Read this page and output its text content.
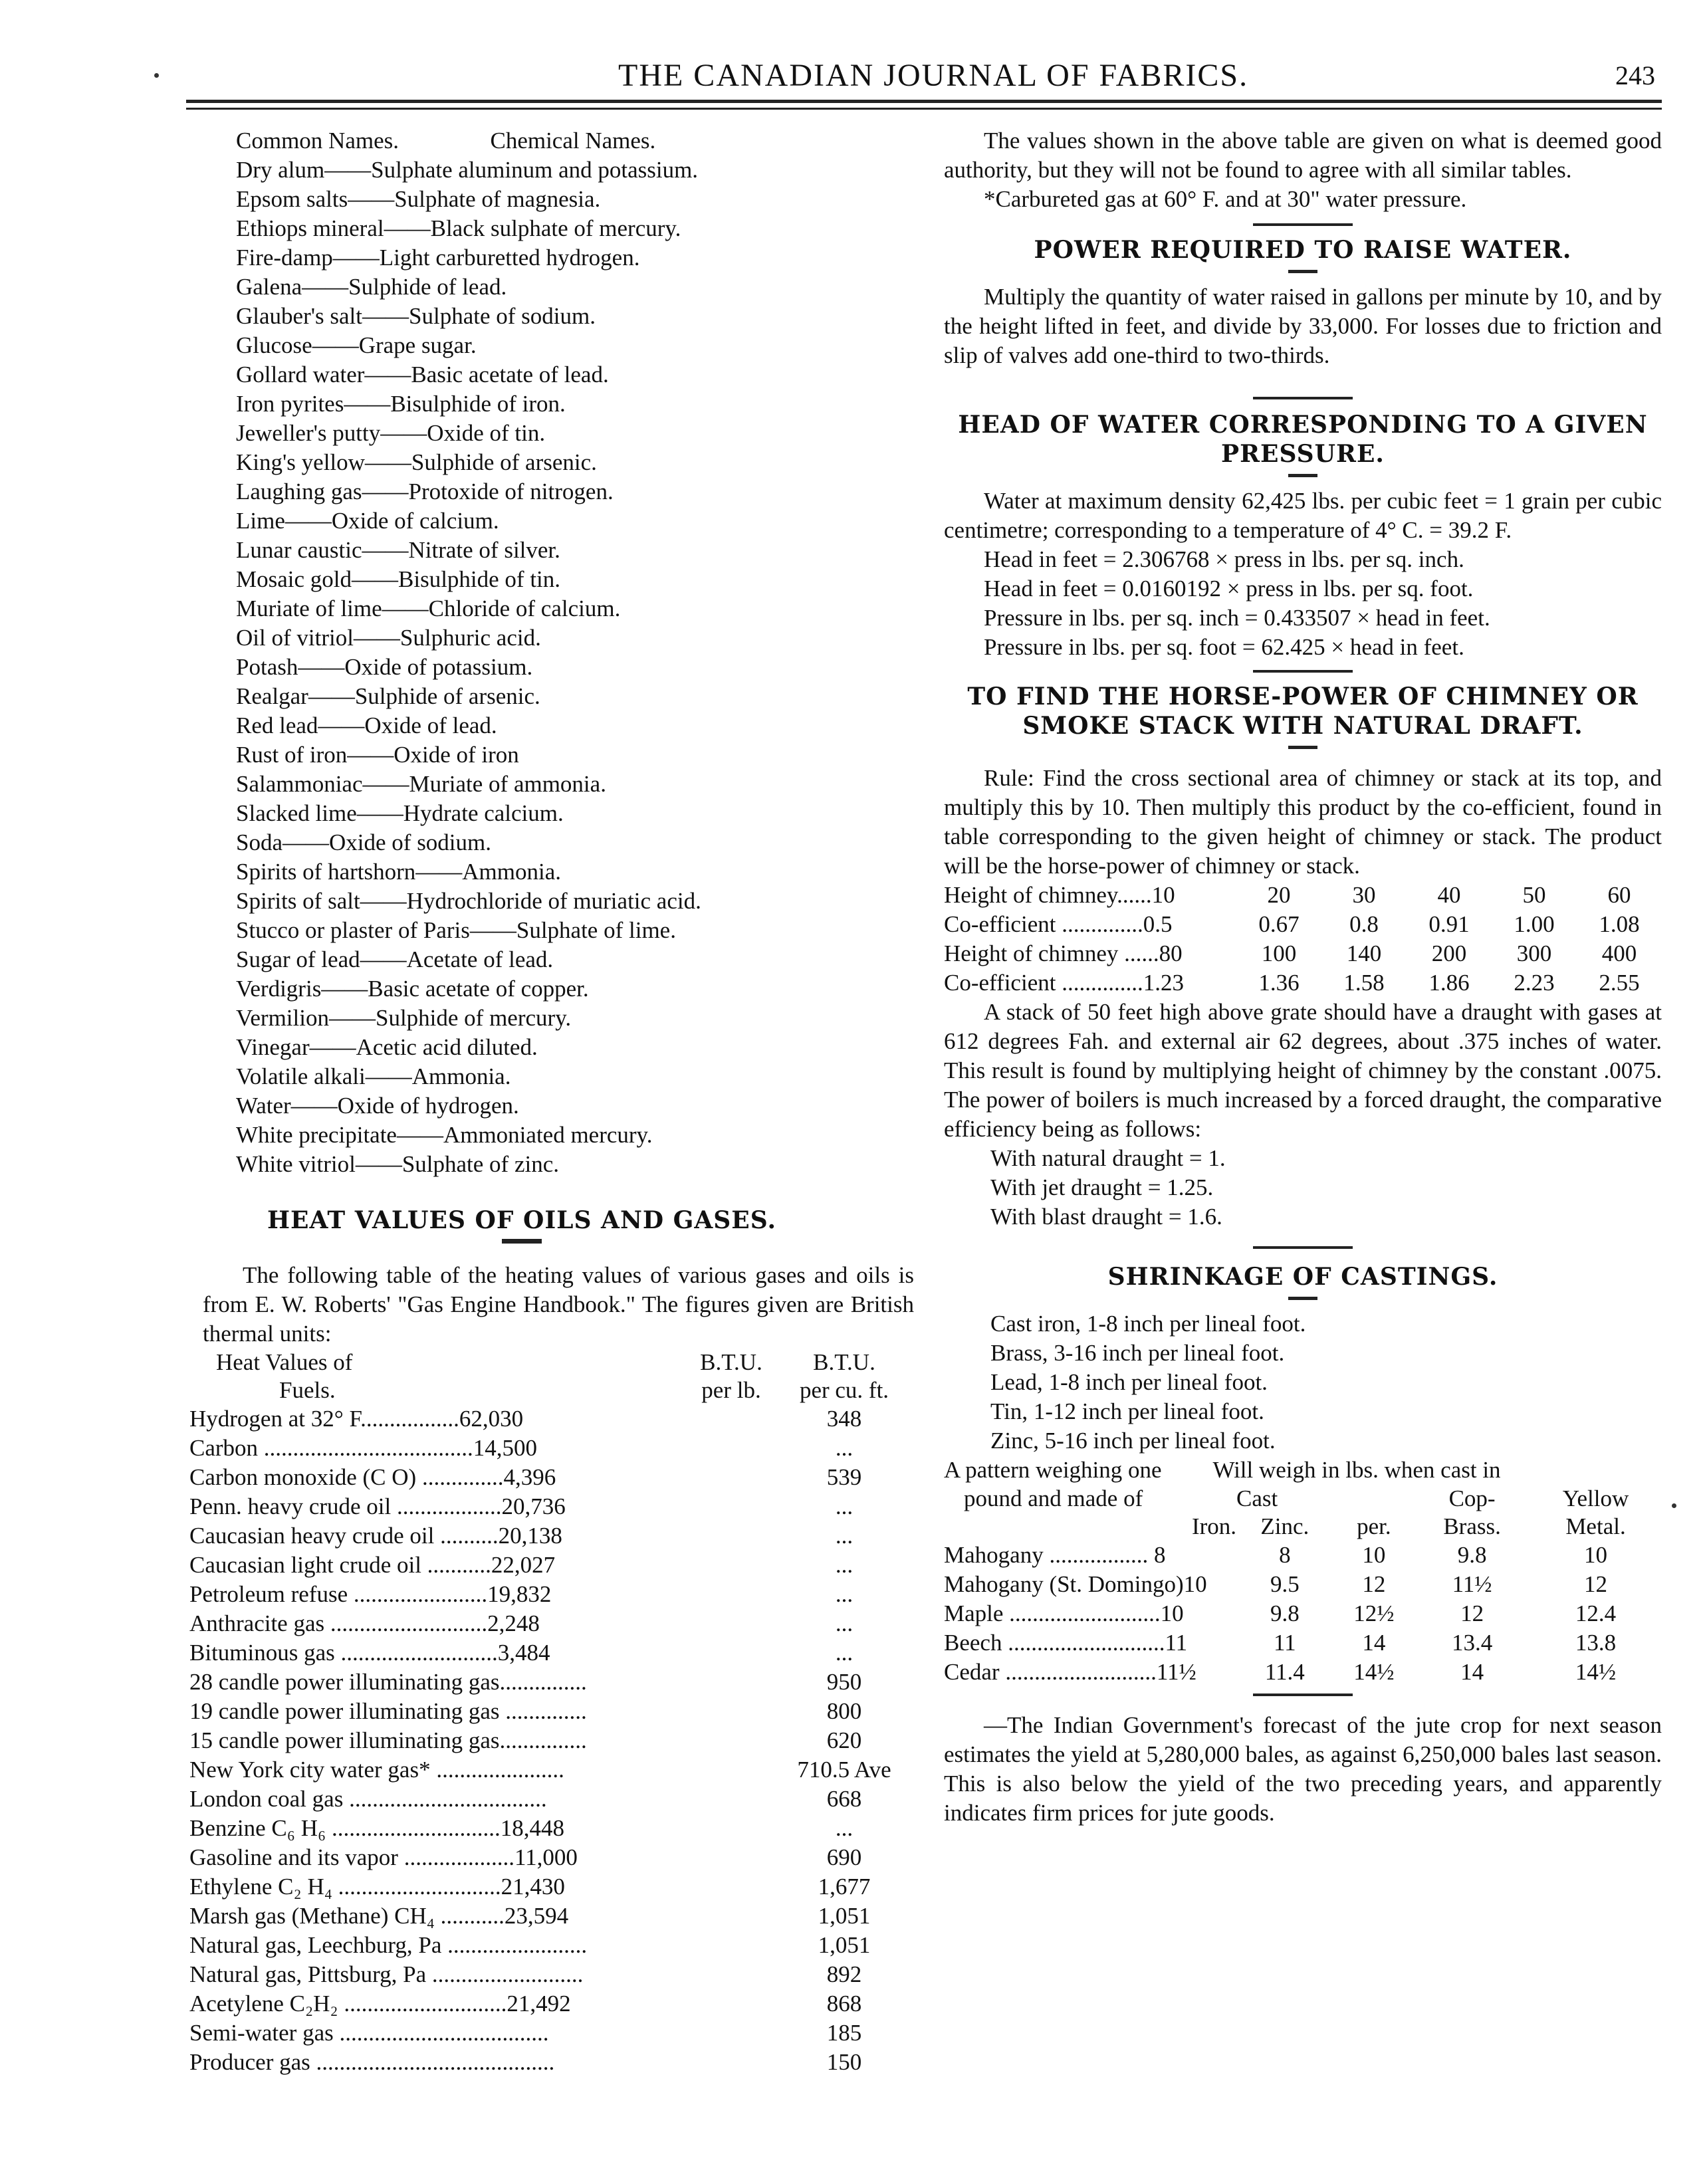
THE CANADIAN JOURNAL OF FABRICS.	243
Common Names.	Chemical Names.
Dry alum——Sulphate aluminum and potassium.
Epsom salts——Sulphate of magnesia.
Ethiops mineral——Black sulphate of mercury.
Fire-damp——Light carburetted hydrogen.
Galena——Sulphide of lead.
Glauber's salt——Sulphate of sodium.
Glucose——Grape sugar.
Gollard water——Basic acetate of lead.
Iron pyrites——Bisulphide of iron.
Jeweller's putty——Oxide of tin.
King's yellow——Sulphide of arsenic.
Laughing gas——Protoxide of nitrogen.
Lime——Oxide of calcium.
Lunar caustic——Nitrate of silver.
Mosaic gold——Bisulphide of tin.
Muriate of lime——Chloride of calcium.
Oil of vitriol——Sulphuric acid.
Potash——Oxide of potassium.
Realgar——Sulphide of arsenic.
Red lead——Oxide of lead.
Rust of iron——Oxide of iron
Salammoniac——Muriate of ammonia.
Slacked lime——Hydrate calcium.
Soda——Oxide of sodium.
Spirits of hartshorn——Ammonia.
Spirits of salt——Hydrochloride of muriatic acid.
Stucco or plaster of Paris——Sulphate of lime.
Sugar of lead——Acetate of lead.
Verdigris——Basic acetate of copper.
Vermilion——Sulphide of mercury.
Vinegar——Acetic acid diluted.
Volatile alkali——Ammonia.
Water——Oxide of hydrogen.
White precipitate——Ammoniated mercury.
White vitriol——Sulphate of zinc.
HEAT VALUES OF OILS AND GASES.

The following table of the heating values of various gases and oils is from E. W. Roberts' "Gas Engine Handbook." The figures given are British thermal units:

Heat Values of	B.T.U.	B.T.U.
Fuels.	per lb.	per cu. ft.
Hydrogen at 32° F.................62,030		348
Carbon ....................................14,500		...
Carbon monoxide (C O) ..............4,396		539
Penn. heavy crude oil ..................20,736		...
Caucasian heavy crude oil ..........20,138		...
Caucasian light crude oil ...........22,027		...
Petroleum refuse .......................19,832		...
Anthracite gas ...........................2,248		...
Bituminous gas ...........................3,484		...
28 candle power illuminating gas...............		950
19 candle power illuminating gas ..............		800
15 candle power illuminating gas...............		620
New York city water gas* ......................		710.5 Ave
London coal gas ..................................		668
Benzine C₆ H₆ .............................18,448		...
Gasoline and its vapor ...................11,000		690
Ethylene C₂ H₄ ............................21,430		1,677
Marsh gas (Methane) CH₄ ...........23,594		1,051
Natural gas, Leechburg, Pa ........................		1,051
Natural gas, Pittsburg, Pa ..........................		892
Acetylene C₂H₂ ............................21,492		868
Semi-water gas ....................................		185
Producer gas .........................................		150

The values shown in the above table are given on what is deemed good authority, but they will not be found to agree with all similar tables.

*Carbureted gas at 60° F. and at 30" water pressure.
POWER REQUIRED TO RAISE WATER.

Multiply the quantity of water raised in gallons per minute by 10, and by the height lifted in feet, and divide by 33,000. For losses due to friction and slip of valves add one-third to two-thirds.

HEAD OF WATER CORRESPONDING TO A GIVEN
PRESSURE.

Water at maximum density 62,425 lbs. per cubic feet = 1 grain per cubic centimetre; corresponding to a temperature of 4° C. = 39.2 F.

Head in feet = 2.306768 × press in lbs. per sq. inch.
Head in feet = 0.0160192 × press in lbs. per sq. foot.
Pressure in lbs. per sq. inch = 0.433507 × head in feet.
Pressure in lbs. per sq. foot = 62.425 × head in feet.
TO FIND THE HORSE-POWER OF CHIMNEY OR
SMOKE STACK WITH NATURAL DRAFT.

Rule: Find the cross sectional area of chimney or stack at its top, and multiply this by 10. Then multiply this product by the co-efficient, found in table corresponding to the given height of chimney or stack. The product will be the horse-power of chimney or stack.

Height of chimney......10	20	30	40	50	60
Co-efficient ..............0.5	0.67	0.8	0.91	1.00	1.08
Height of chimney ......80	100	140	200	300	400
Co-efficient ..............1.23	1.36	1.58	1.86	2.23	2.55

A stack of 50 feet high above grate should have a draught with gases at 612 degrees Fah. and external air 62 degrees, about .375 inches of water. This result is found by multiplying height of chimney by the constant .0075. The power of boilers is much increased by a forced draught, the comparative efficiency being as follows:

With natural draught = 1.
With jet draught = 1.25.
With blast draught = 1.6.
SHRINKAGE OF CASTINGS.
Cast iron, 1-8 inch per lineal foot.
Brass, 3-16 inch per lineal foot.
Lead, 1-8 inch per lineal foot.
Tin, 1-12 inch per lineal foot.
Zinc, 5-16 inch per lineal foot.
A pattern weighing one Will weigh in lbs. when cast in
pound and made of	Cast		Cop-	Yellow	
Iron.	Zinc.	per.	Brass.	Metal.	
Mahogany ................. 8	8	10	9.8	10	
Mahogany (St. Domingo)10	9.5	12	11½	12	
Maple ..........................10	9.8	12½	12	12.4	
Beech ...........................11	11	14	13.4	13.8	
Cedar ..........................11½	11.4	14½	14	14½	

—The Indian Government's forecast of the jute crop for next season estimates the yield at 5,280,000 bales, as against 6,250,000 bales last season. This is also below the yield of the two preceding years, and apparently indicates firm prices for jute goods.
